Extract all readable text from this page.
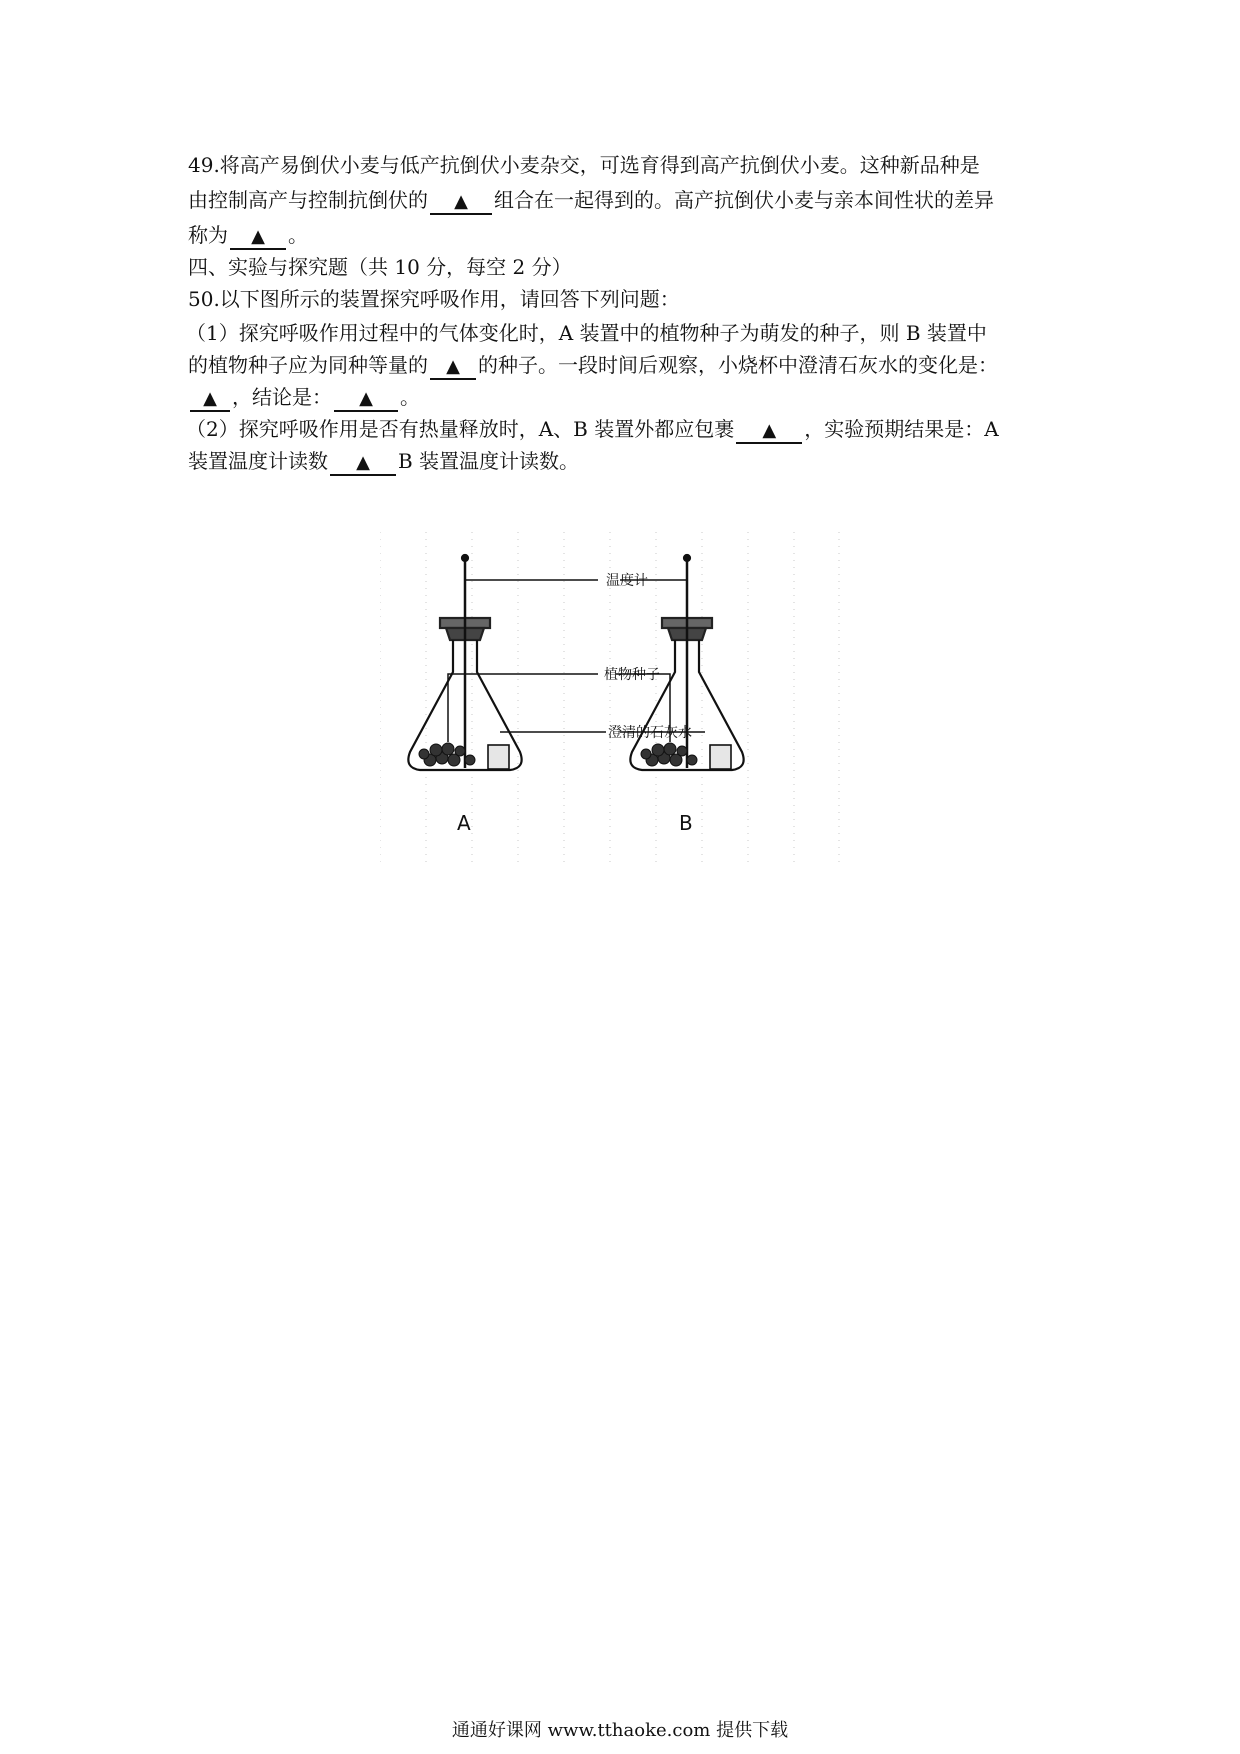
49.将高产易倒伏小麦与低产抗倒伏小麦杂交，可选育得到高产抗倒伏小麦。这种新品种是
由控制高产与控制抗倒伏的 ▲	组合在一起得到的。高产抗倒伏小麦与亲本间性状的差异
称为 ▲	。
四、实验与探究题（共 10 分，每空 2 分）
50.以下图所示的装置探究呼吸作用，请回答下列问题：
（1）探究呼吸作用过程中的气体变化时，A 装置中的植物种子为萌发的种子，则 B 装置中
的植物种子应为同种等量的 ▲	的种子。一段时间后观察，小烧杯中澄清石灰水的变化是：
▲，结论是： ▲	。
（2）探究呼吸作用是否有热量释放时，A、B 装置外都应包裹 ▲	，实验预期结果是：A
装置温度计读数 ▲	B 装置温度计读数。
温度计
植物种子
澄清的石灰水
A	B
通通好课网 www.tthaoke.com 提供下载
